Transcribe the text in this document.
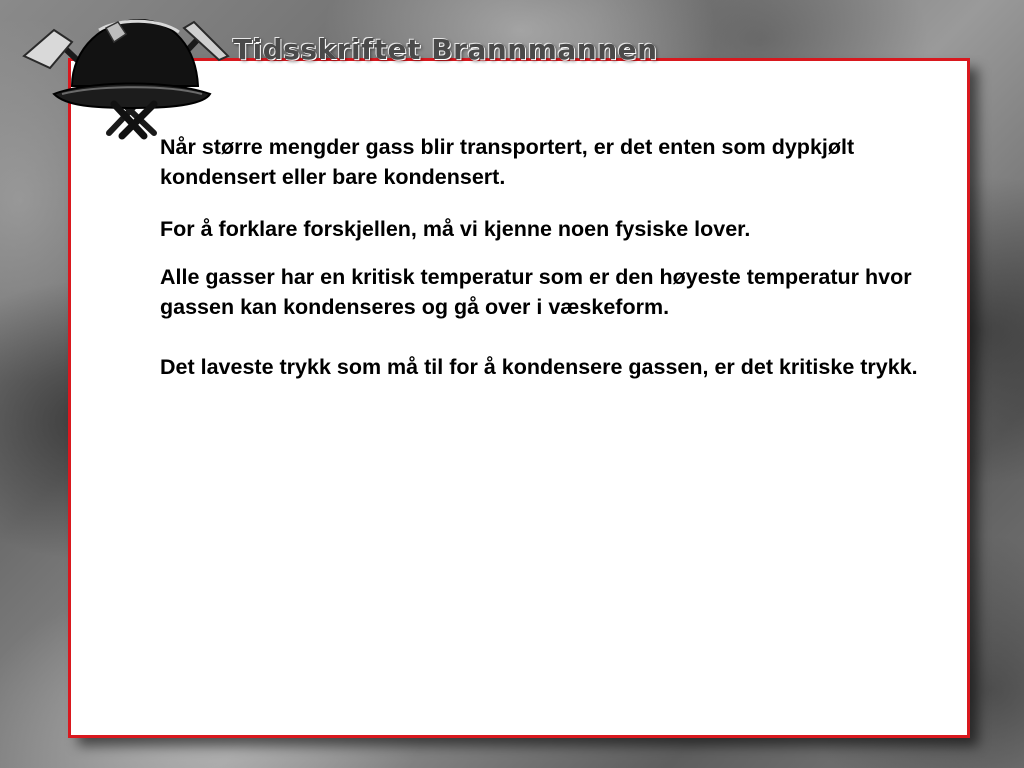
Tidsskriftet Brannmannen

Når større mengder gass blir transportert, er det enten som dypkjølt kondensert eller bare kondensert.

For å forklare forskjellen, må vi kjenne noen fysiske lover.

Alle gasser har en kritisk temperatur som er den høyeste temperatur hvor gassen kan kondenseres og gå over i væskeform.

Det laveste trykk som må til for å kondensere gassen, er det kritiske trykk.
